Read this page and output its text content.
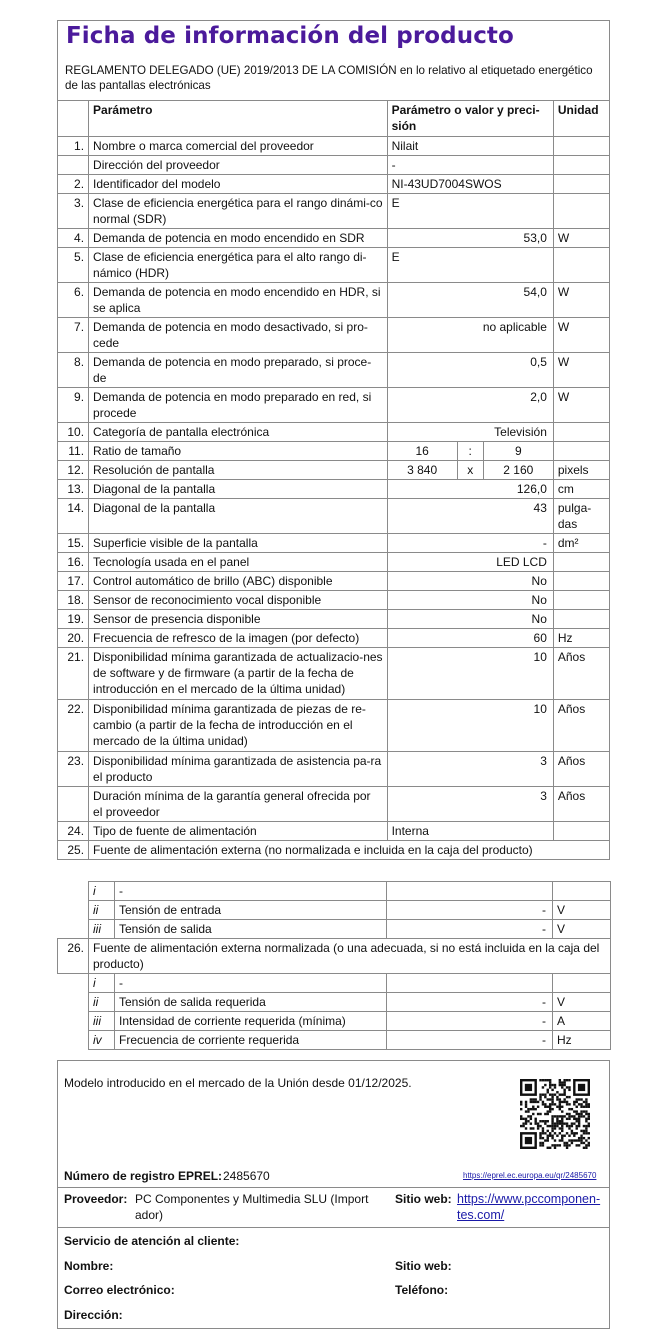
Ficha de información del producto
REGLAMENTO DELEGADO (UE) 2019/2013 DE LA COMISIÓN en lo relativo al etiquetado energético de las pantallas electrónicas
	Parámetro	Parámetro o valor y preci-sión			Unidad
1.	Nombre o marca comercial del proveedor	Nilait			
	Dirección del proveedor	-			
2.	Identificador del modelo	NI-43UD7004SWOS			
3.	Clase de eficiencia energética para el rango dinámi-co normal (SDR)	E			
4.	Demanda de potencia en modo encendido en SDR	53,0			W
5.	Clase de eficiencia energética para el alto rango di-námico (HDR)	E			
6.	Demanda de potencia en modo encendido en HDR, si se aplica	54,0			W
7.	Demanda de potencia en modo desactivado, si pro-cede	no aplicable			W
8.	Demanda de potencia en modo preparado, si proce-de	0,5			W
9.	Demanda de potencia en modo preparado en red, si procede	2,0			W
10.	Categoría de pantalla electrónica	Televisión			
11.	Ratio de tamaño	16	:	9	
12.	Resolución de pantalla	3 840	x	2 160	pixels
13.	Diagonal de la pantalla	126,0			cm
14.	Diagonal de la pantalla	43			pulga-das
15.	Superficie visible de la pantalla	-			dm²
16.	Tecnología usada en el panel	LED LCD			
17.	Control automático de brillo (ABC) disponible	No			
18.	Sensor de reconocimiento vocal disponible	No			
19.	Sensor de presencia disponible	No			
20.	Frecuencia de refresco de la imagen (por defecto)	60			Hz
21.	Disponibilidad mínima garantizada de actualizacio-nes de software y de firmware (a partir de la fecha de introducción en el mercado de la última unidad)	10			Años
22.	Disponibilidad mínima garantizada de piezas de re-cambio (a partir de la fecha de introducción en el mercado de la última unidad)	10			Años
23.	Disponibilidad mínima garantizada de asistencia pa-ra el producto	3			Años
	Duración mínima de la garantía general ofrecida por el proveedor	3			Años
24.	Tipo de fuente de alimentación	Interna			
25.	Fuente de alimentación externa (no normalizada e incluida en la caja del producto)				
	i	-		
	ii	Tensión de entrada	-	V
	iii	Tensión de salida	-	V
26.	Fuente de alimentación externa normalizada (o una adecuada, si no está incluida en la caja del producto)			
	i	-		
	ii	Tensión de salida requerida	-	V
	iii	Intensidad de corriente requerida (mínima)	-	A
	iv	Frecuencia de corriente requerida	-	Hz
Modelo introducido en el mercado de la Unión desde 01/12/2025.
Número de registro EPREL: 2485670	https://eprel.ec.europa.eu/qr/2485670
Proveedor: PC Componentes y Multimedia SLU (Import ador)
Sitio web: https://www.pccomponen-tes.com/
Servicio de atención al cliente:
Nombre:	Sitio web:
Correo electrónico:	Teléfono:
Dirección:
